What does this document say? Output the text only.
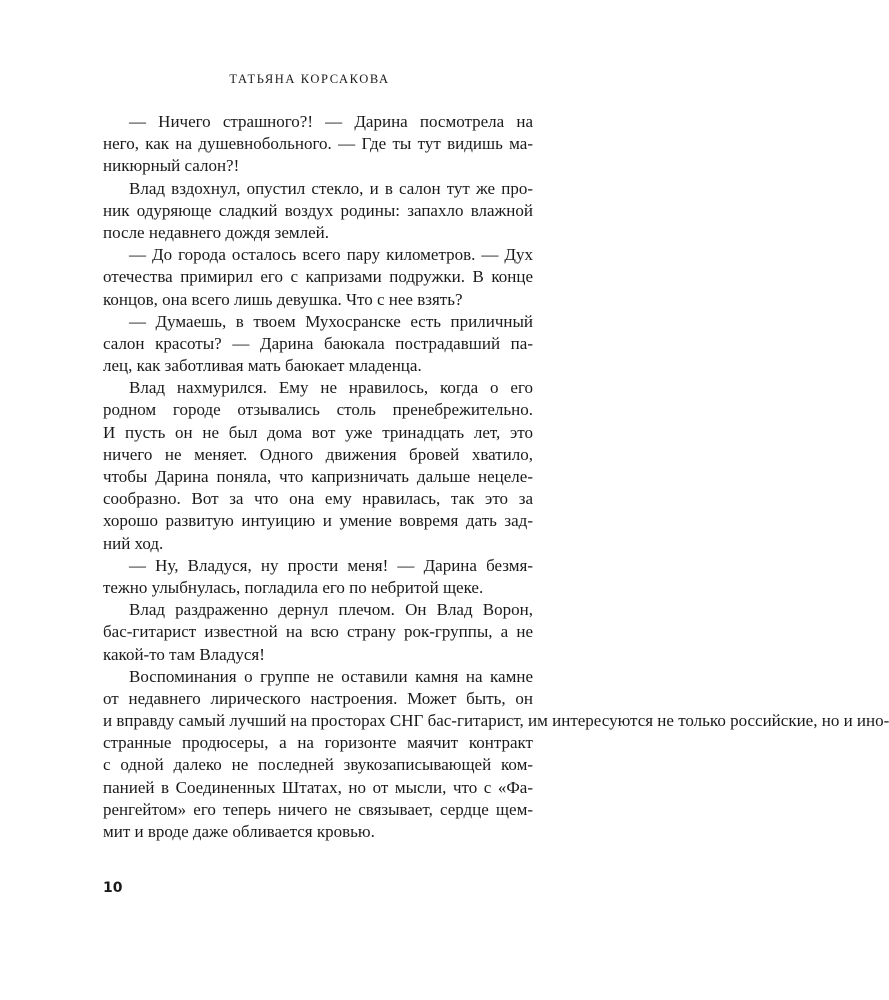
ТАТЬЯНА КОРСАКОВА
— Ничего страшного?! — Дарина посмотрела на
него, как на душевнобольного. — Где ты тут видишь ма-
никюрный салон?!
Влад вздохнул, опустил стекло, и в салон тут же про-
ник одуряюще сладкий воздух родины: запахло влажной
после недавнего дождя землей.
— До города осталось всего пару километров. — Дух
отечества примирил его с капризами подружки. В конце
концов, она всего лишь девушка. Что с нее взять?
— Думаешь, в твоем Мухосранске есть приличный
салон красоты? — Дарина баюкала пострадавший па-
лец, как заботливая мать баюкает младенца.
Влад нахмурился. Ему не нравилось, когда о его
родном городе отзывались столь пренебрежительно.
И пусть он не был дома вот уже тринадцать лет, это
ничего не меняет. Одного движения бровей хватило,
чтобы Дарина поняла, что капризничать дальше нецеле-
сообразно. Вот за что она ему нравилась, так это за
хорошо развитую интуицию и умение вовремя дать зад-
ний ход.
— Ну, Владуся, ну прости меня! — Дарина безмя-
тежно улыбнулась, погладила его по небритой щеке.
Влад раздраженно дернул плечом. Он Влад Ворон,
бас-гитарист известной на всю страну рок-группы, а не
какой-то там Владуся!
Воспоминания о группе не оставили камня на камне
от недавнего лирического настроения. Может быть, он
и вправду самый лучший на просторах СНГ бас-гитарист, им интересуются не только российские, но и ино-
странные продюсеры, а на горизонте маячит контракт
с одной далеко не последней звукозаписывающей ком-
панией в Соединенных Штатах, но от мысли, что с «Фа-
ренгейтом» его теперь ничего не связывает, сердце щем-
мит и вроде даже обливается кровью.
10
